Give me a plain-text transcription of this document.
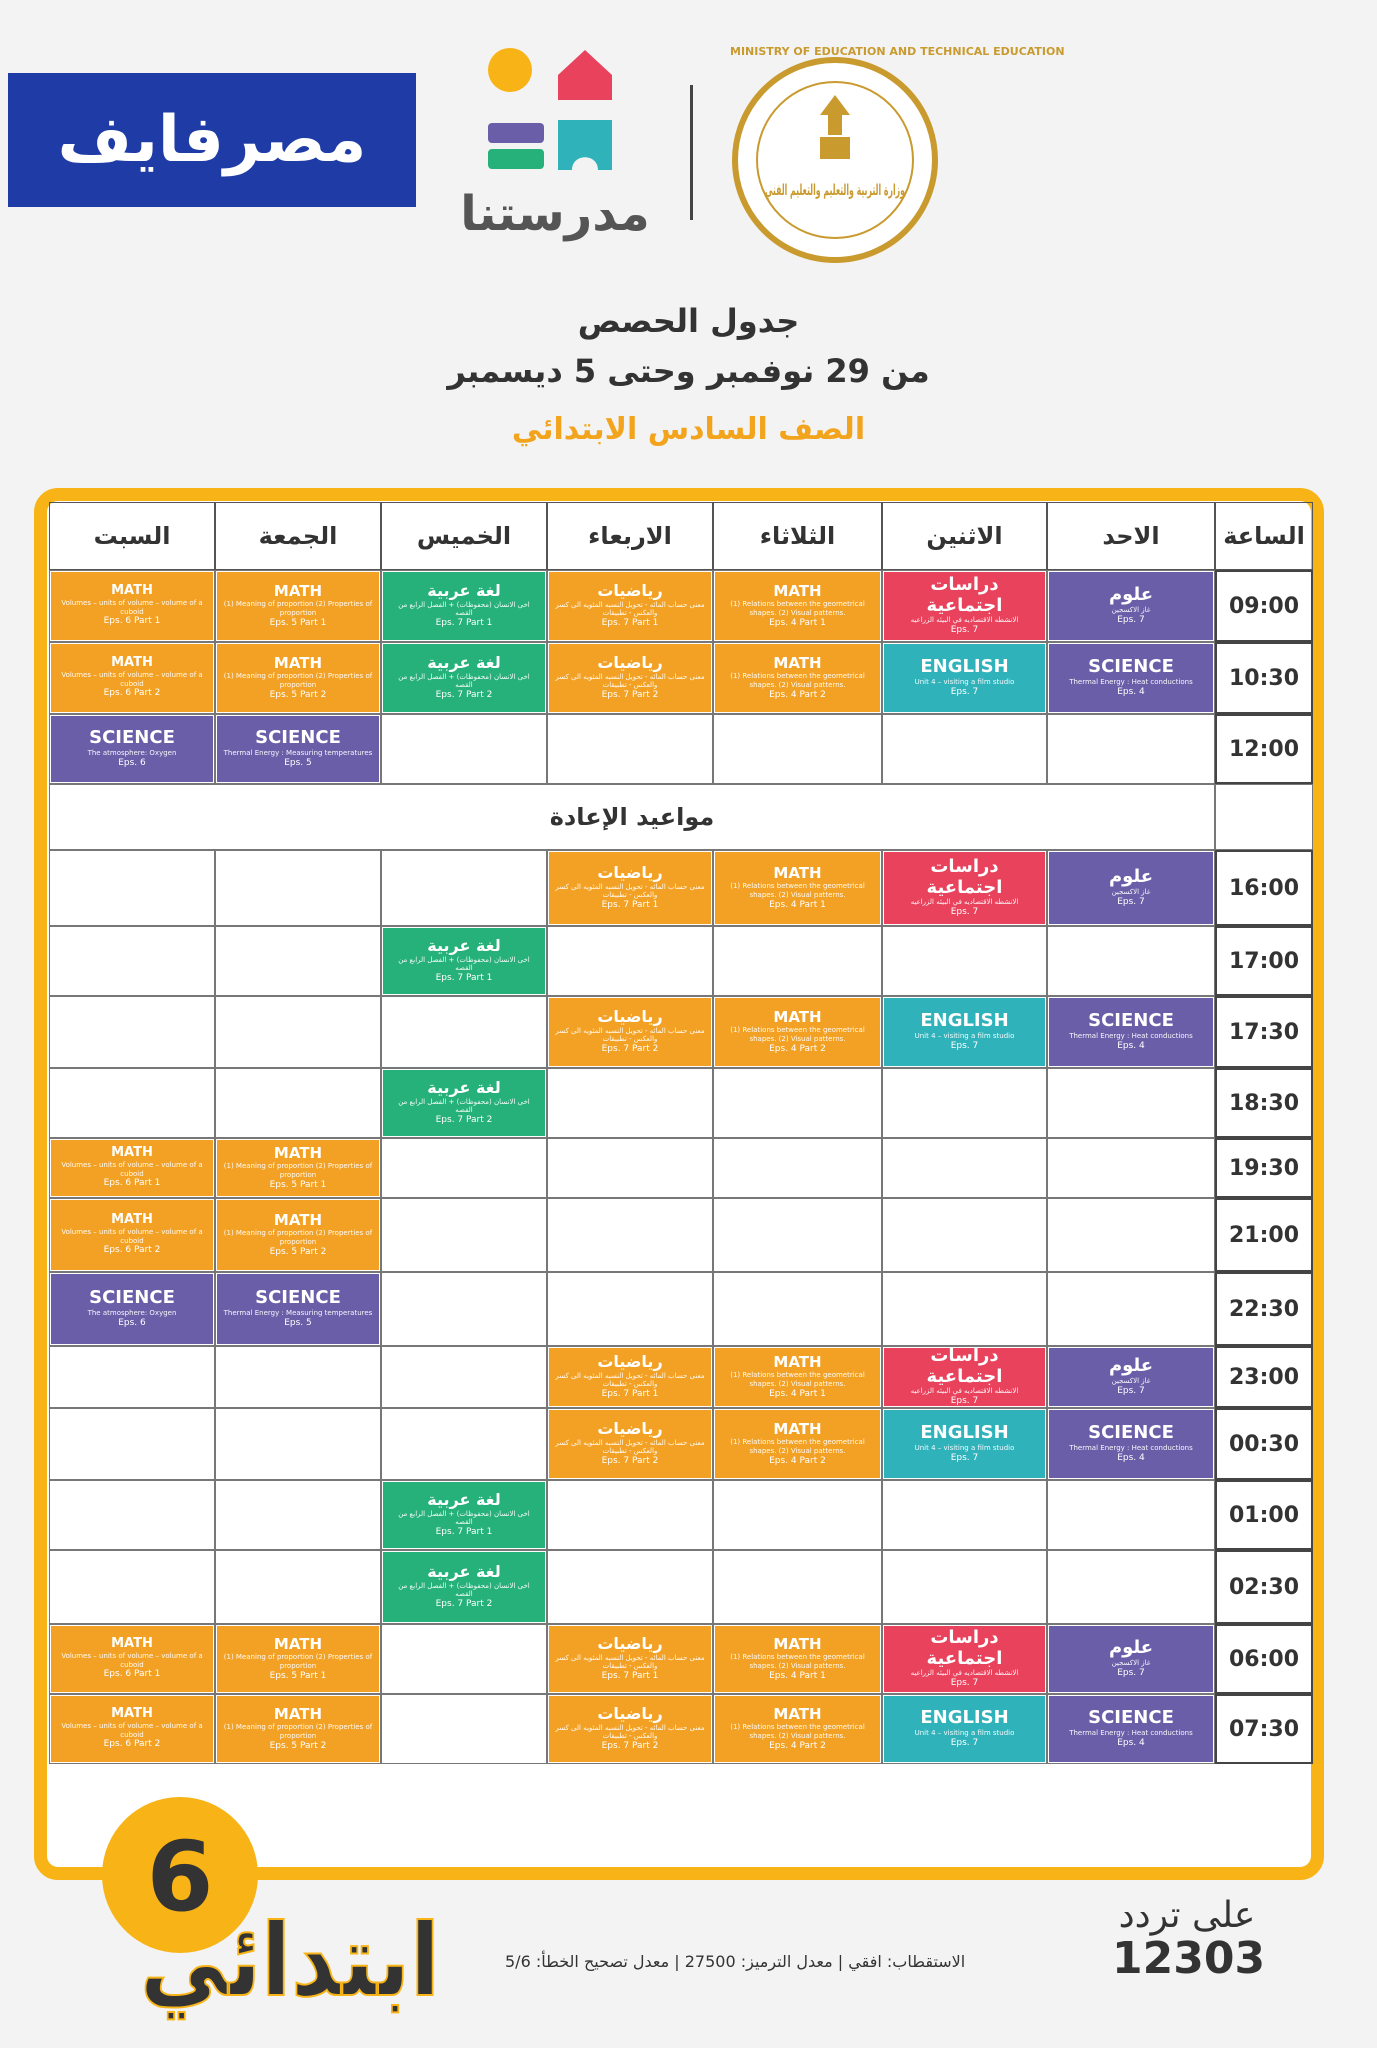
مصرفايف
مدرستنا
MINISTRY OF EDUCATION AND TECHNICAL EDUCATION
وزارة التربية والتعليم والتعليم الفني
جدول الحصص
من 29 نوفمبر وحتى 5 ديسمبر
الصف السادس الابتدائي
الساعة
الاحد
الاثنين
الثلاثاء
الاربعاء
الخميس
الجمعة
السبت
09:00
10:30
12:00
16:00
17:00
17:30
18:30
19:30
21:00
22:30
23:00
00:30
01:00
02:30
06:00
07:30
مواعيد الإعادة
علوم
غاز الاكسجين
Eps. 7
SCIENCE
Thermal Energy : Heat conductions
Eps. 4
دراسات اجتماعية
الانشطه الاقتصاديه في البيئه الزراعيه
Eps. 7
ENGLISH
Unit 4 – visiting a film studio
Eps. 7
MATH
(1) Relations between the geometrical shapes. (2) Visual patterns.
Eps. 4 Part 1
MATH
(1) Relations between the geometrical shapes. (2) Visual patterns.
Eps. 4 Part 2
رياضيات
معنى حساب المائه - تحويل النسبه المئويه الى كسر والعكس - تطبيقات
Eps. 7 Part 1
رياضيات
معنى حساب المائه - تحويل النسبه المئويه الى كسر والعكس - تطبيقات
Eps. 7 Part 2
لغة عربية
اخى الانسان (محفوظات) + الفصل الرابع من القصه
Eps. 7 Part 1
لغة عربية
اخى الانسان (محفوظات) + الفصل الرابع من القصه
Eps. 7 Part 2
MATH
(1) Meaning of proportion (2) Properties of proportion
Eps. 5 Part 1
MATH
(1) Meaning of proportion (2) Properties of proportion
Eps. 5 Part 2
SCIENCE
Thermal Energy : Measuring temperatures
Eps. 5
MATH
Volumes – units of volume – volume of a cuboid
Eps. 6 Part 1
MATH
Volumes – units of volume – volume of a cuboid
Eps. 6 Part 2
SCIENCE
The atmosphere: Oxygen
Eps. 6
علوم
غاز الاكسجين
Eps. 7
دراسات اجتماعية
الانشطه الاقتصاديه في البيئه الزراعيه
Eps. 7
MATH
(1) Relations between the geometrical shapes. (2) Visual patterns.
Eps. 4 Part 1
رياضيات
معنى حساب المائه - تحويل النسبه المئويه الى كسر والعكس - تطبيقات
Eps. 7 Part 1
لغة عربية
اخى الانسان (محفوظات) + الفصل الرابع من القصه
Eps. 7 Part 1
SCIENCE
Thermal Energy : Heat conductions
Eps. 4
ENGLISH
Unit 4 – visiting a film studio
Eps. 7
MATH
(1) Relations between the geometrical shapes. (2) Visual patterns.
Eps. 4 Part 2
رياضيات
معنى حساب المائه - تحويل النسبه المئويه الى كسر والعكس - تطبيقات
Eps. 7 Part 2
لغة عربية
اخى الانسان (محفوظات) + الفصل الرابع من القصه
Eps. 7 Part 2
MATH
Volumes – units of volume – volume of a cuboid
Eps. 6 Part 1
MATH
(1) Meaning of proportion (2) Properties of proportion
Eps. 5 Part 1
MATH
Volumes – units of volume – volume of a cuboid
Eps. 6 Part 2
MATH
(1) Meaning of proportion (2) Properties of proportion
Eps. 5 Part 2
SCIENCE
The atmosphere: Oxygen
Eps. 6
SCIENCE
Thermal Energy : Measuring temperatures
Eps. 5
علوم
غاز الاكسجين
Eps. 7
دراسات اجتماعية
الانشطه الاقتصاديه في البيئه الزراعيه
Eps. 7
MATH
(1) Relations between the geometrical shapes. (2) Visual patterns.
Eps. 4 Part 1
رياضيات
معنى حساب المائه - تحويل النسبه المئويه الى كسر والعكس - تطبيقات
Eps. 7 Part 1
SCIENCE
Thermal Energy : Heat conductions
Eps. 4
ENGLISH
Unit 4 – visiting a film studio
Eps. 7
MATH
(1) Relations between the geometrical shapes. (2) Visual patterns.
Eps. 4 Part 2
رياضيات
معنى حساب المائه - تحويل النسبه المئويه الى كسر والعكس - تطبيقات
Eps. 7 Part 2
لغة عربية
اخى الانسان (محفوظات) + الفصل الرابع من القصه
Eps. 7 Part 1
لغة عربية
اخى الانسان (محفوظات) + الفصل الرابع من القصه
Eps. 7 Part 2
MATH
Volumes – units of volume – volume of a cuboid
Eps. 6 Part 1
MATH
(1) Meaning of proportion (2) Properties of proportion
Eps. 5 Part 1
علوم
غاز الاكسجين
Eps. 7
دراسات اجتماعية
الانشطه الاقتصاديه في البيئه الزراعيه
Eps. 7
MATH
(1) Relations between the geometrical shapes. (2) Visual patterns.
Eps. 4 Part 1
رياضيات
معنى حساب المائه - تحويل النسبه المئويه الى كسر والعكس - تطبيقات
Eps. 7 Part 1
MATH
Volumes – units of volume – volume of a cuboid
Eps. 6 Part 2
MATH
(1) Meaning of proportion (2) Properties of proportion
Eps. 5 Part 2
SCIENCE
Thermal Energy : Heat conductions
Eps. 4
ENGLISH
Unit 4 – visiting a film studio
Eps. 7
MATH
(1) Relations between the geometrical shapes. (2) Visual patterns.
Eps. 4 Part 2
رياضيات
معنى حساب المائه - تحويل النسبه المئويه الى كسر والعكس - تطبيقات
Eps. 7 Part 2
6
ابتدائي الاستقطاب: افقي | معدل الترميز: 27500 | معدل تصحيح الخطأ: 5/6
على تردد
12303
